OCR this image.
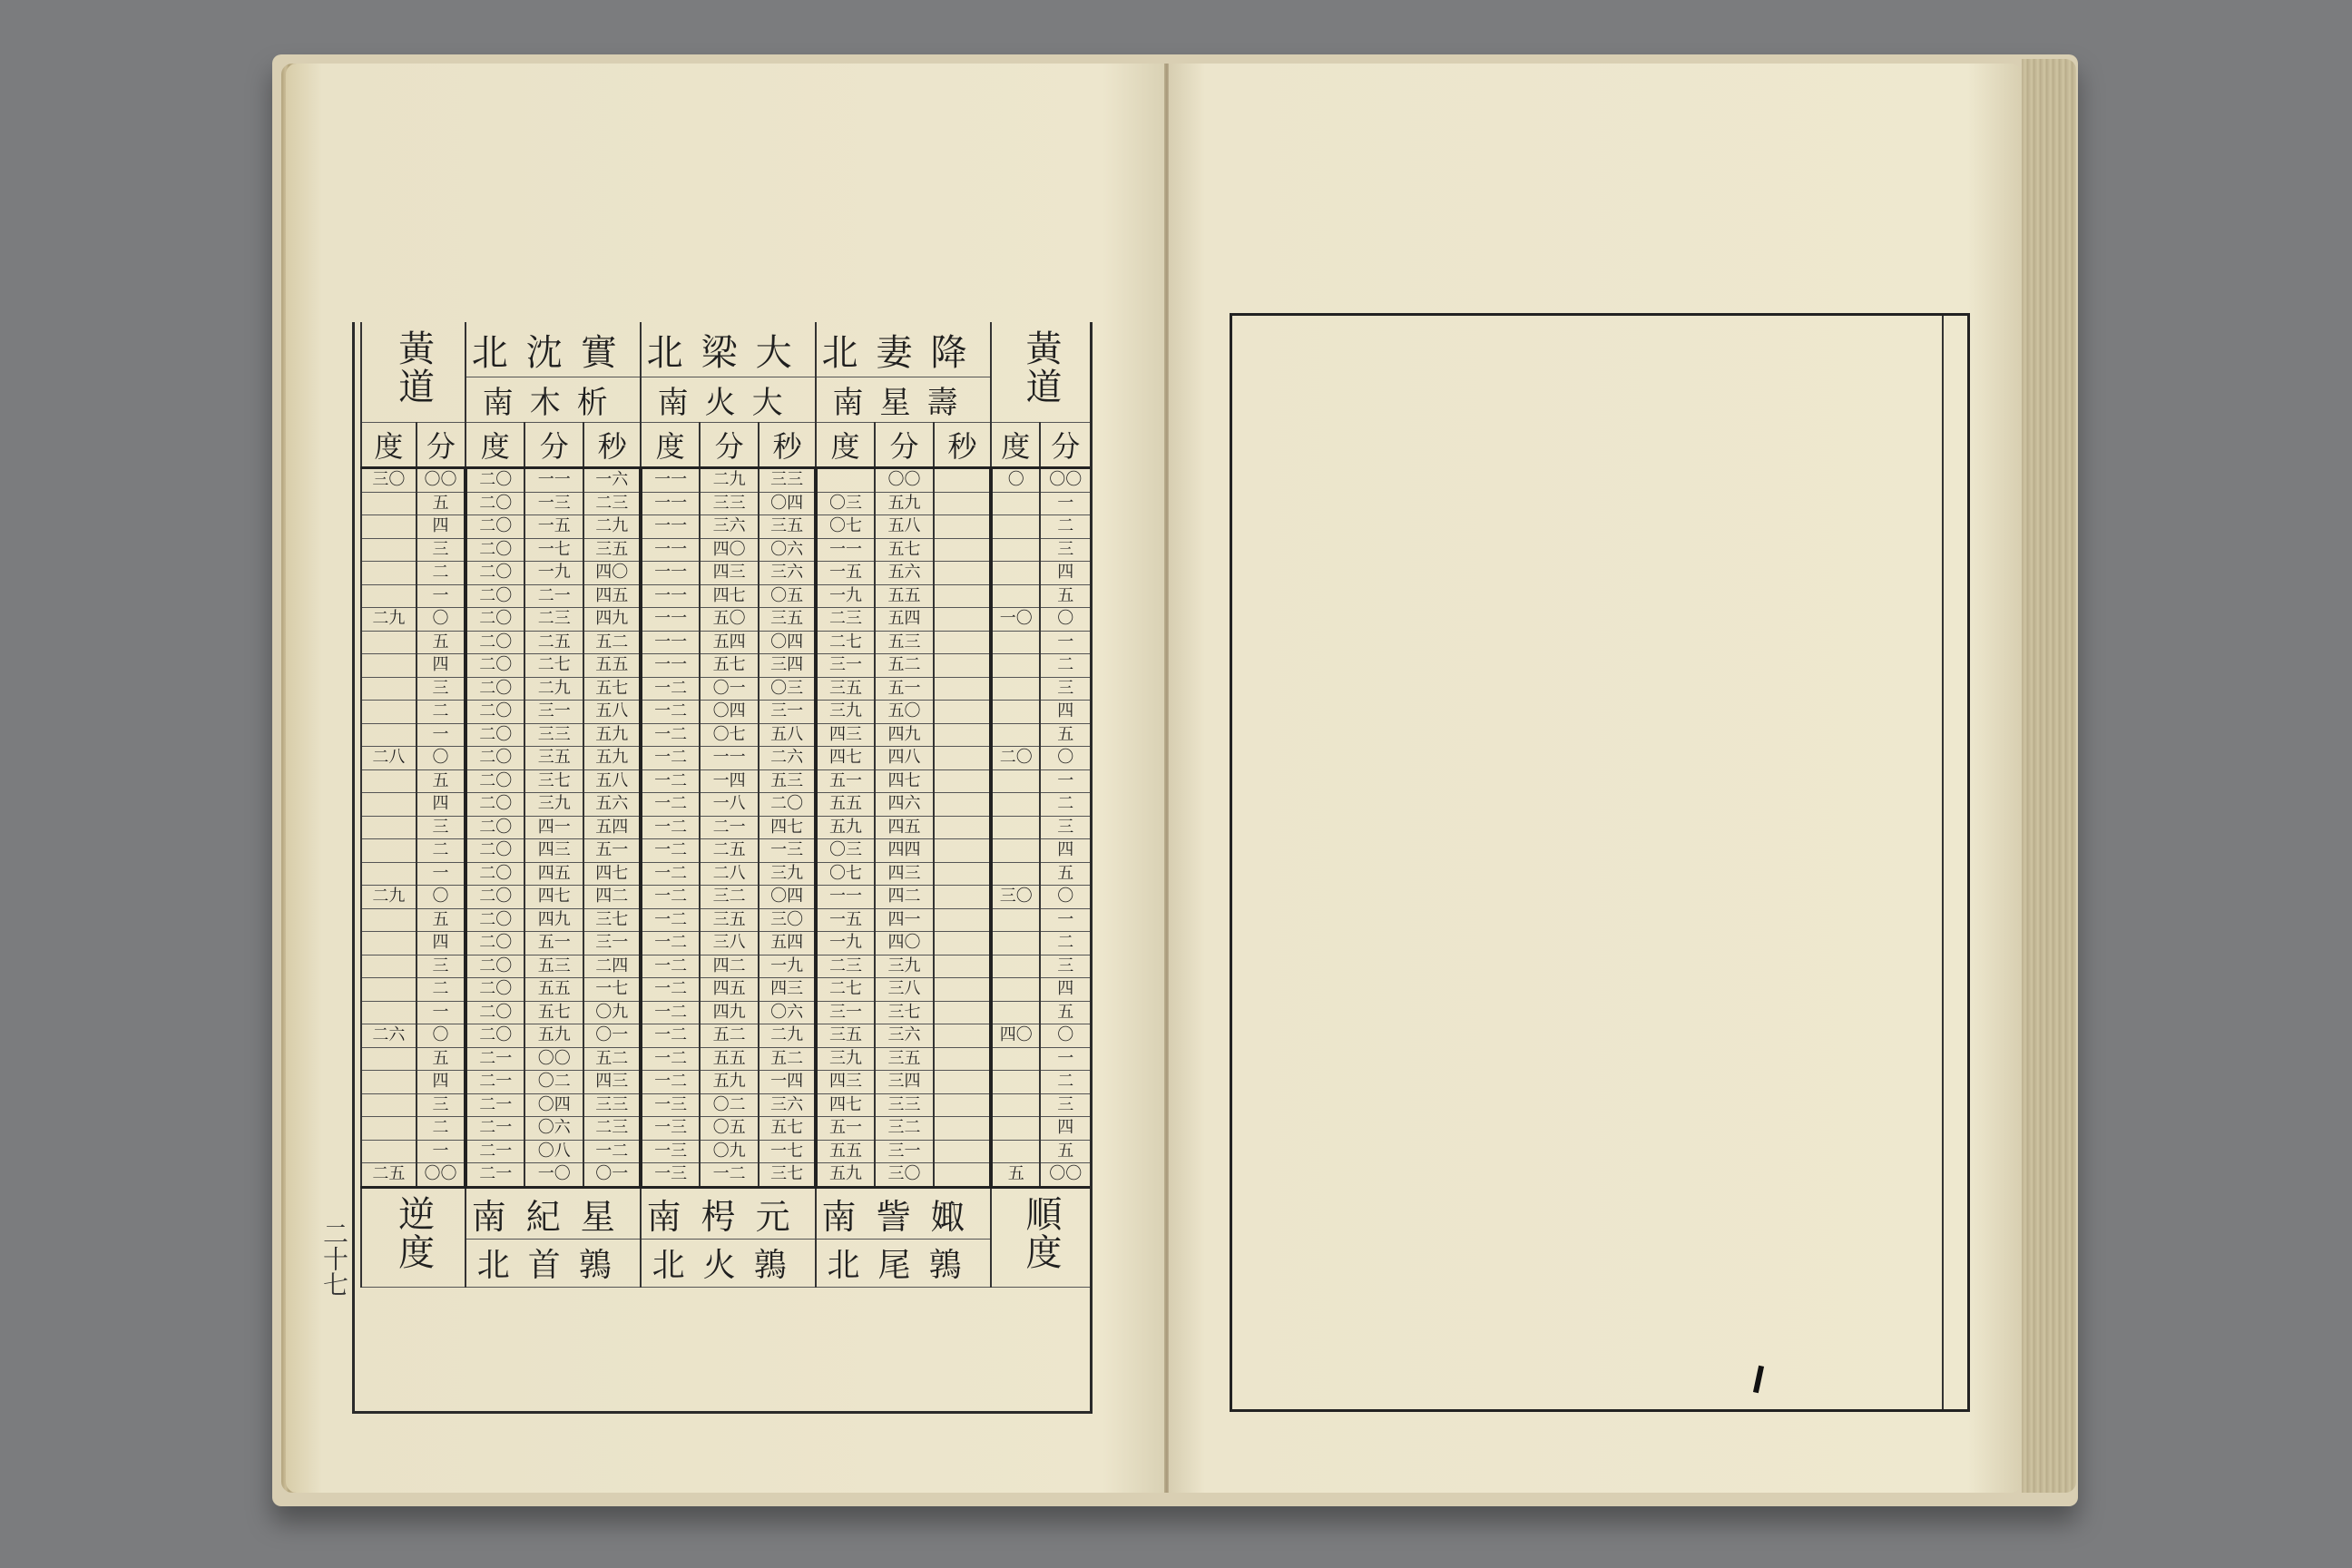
黃道		北沈實			北梁大			北妻降			黃道	
		南木析			南火大			南星壽				
度	分	度	分	秒	度	分	秒	度	分	秒	度	分
三〇	〇〇	二〇	一一	一六	一一	二九	三三		〇〇		〇	〇〇
	五	二〇	一三	二三	一一	三三	〇四	〇三	五九			一
	四	二〇	一五	二九	一一	三六	三五	〇七	五八			二
	三	二〇	一七	三五	一一	四〇	〇六	一一	五七			三
	二	二〇	一九	四〇	一一	四三	三六	一五	五六			四
	一	二〇	二一	四五	一一	四七	〇五	一九	五五			五
二九	〇	二〇	二三	四九	一一	五〇	三五	二三	五四		一〇	〇
	五	二〇	二五	五二	一一	五四	〇四	二七	五三			一
	四	二〇	二七	五五	一一	五七	三四	三一	五二			二
	三	二〇	二九	五七	一二	〇一	〇三	三五	五一			三
	二	二〇	三一	五八	一二	〇四	三一	三九	五〇			四
	一	二〇	三三	五九	一二	〇七	五八	四三	四九			五
二八	〇	二〇	三五	五九	一二	一一	二六	四七	四八		二〇	〇
	五	二〇	三七	五八	一二	一四	五三	五一	四七			一
	四	二〇	三九	五六	一二	一八	二〇	五五	四六			二
	三	二〇	四一	五四	一二	二一	四七	五九	四五			三
	二	二〇	四三	五一	一二	二五	一三	〇三	四四			四
	一	二〇	四五	四七	一二	二八	三九	〇七	四三			五
二九	〇	二〇	四七	四二	一二	三二	〇四	一一	四二		三〇	〇
	五	二〇	四九	三七	一二	三五	三〇	一五	四一			一
	四	二〇	五一	三一	一二	三八	五四	一九	四〇			二
	三	二〇	五三	二四	一二	四二	一九	二三	三九			三
	二	二〇	五五	一七	一二	四五	四三	二七	三八			四
	一	二〇	五七	〇九	一二	四九	〇六	三一	三七			五
二六	〇	二〇	五九	〇一	一二	五二	二九	三五	三六		四〇	〇
	五	二一	〇〇	五二	一二	五五	五二	三九	三五			一
	四	二一	〇二	四三	一二	五九	一四	四三	三四			二
	三	二一	〇四	三三	一三	〇二	三六	四七	三三			三
	二	二一	〇六	二三	一三	〇五	五七	五一	三二			四
	一	二一	〇八	一二	一三	〇九	一七	五五	三一			五
二五	〇〇	二一	一〇	〇一	一三	一二	三七	五九	三〇		五	〇〇
逆度		南紀星			南枵元			南訾娵			順度	
		北首鶉			北火鶉			北尾鶉				
二十七
